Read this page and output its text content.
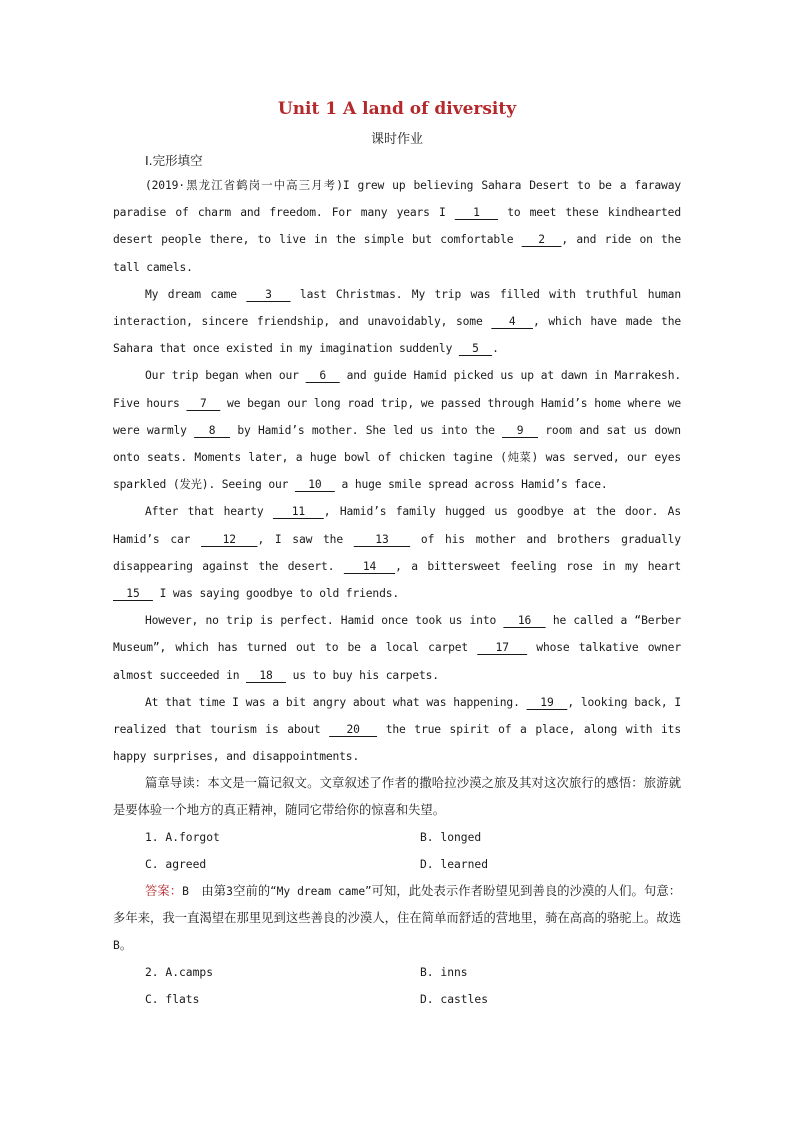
Unit 1 A land of diversity
课时作业
Ⅰ.完形填空

(2019·黑龙江省鹤岗一中高三月考)I grew up believing Sahara Desert to be a faraway paradise of charm and freedom. For many years I   1   to meet these kindhearted desert people there, to live in the simple but comfortable   2  , and ride on the tall camels.

My dream came   3   last Christmas. My trip was filled with truthful human interaction, sincere friendship, and unavoidably, some   4  , which have made the Sahara that once existed in my imagination suddenly   5  .

Our trip began when our   6   and guide Hamid picked us up at dawn in Marrakesh. Five hours   7   we began our long road trip, we passed through Hamid’s home where we were warmly   8   by Hamid’s mother. She led us into the   9   room and sat us down onto seats. Moments later, a huge bowl of chicken tagine (炖菜) was served, our eyes sparkled (发光). Seeing our   10   a huge smile spread across Hamid’s face.

After that hearty   11  , Hamid’s family hugged us goodbye at the door. As Hamid’s car   12  , I saw the   13   of his mother and brothers gradually disappearing against the desert.   14  , a bittersweet feeling rose in my heart   15   I was saying goodbye to old friends.

However, no trip is perfect. Hamid once took us into   16   he called a “Berber Museum”, which has turned out to be a local carpet   17   whose talkative owner almost succeeded in   18   us to buy his carpets.

At that time I was a bit angry about what was happening.   19  , looking back, I realized that tourism is about   20   the true spirit of a place, along with its happy surprises, and disappointments.

篇章导读：本文是一篇记叙文。文章叙述了作者的撒哈拉沙漠之旅及其对这次旅行的感悟：旅游就是要体验一个地方的真正精神，随同它带给你的惊喜和失望。

1. A.forgot	B. longed
C. agreed	D. learned

答案：B　由第3空前的“My dream came”可知，此处表示作者盼望见到善良的沙漠的人们。句意：多年来，我一直渴望在那里见到这些善良的沙漠人，住在简单而舒适的营地里，骑在高高的骆驼上。故选B。

2. A.camps	B. inns
C. flats	D. castles
